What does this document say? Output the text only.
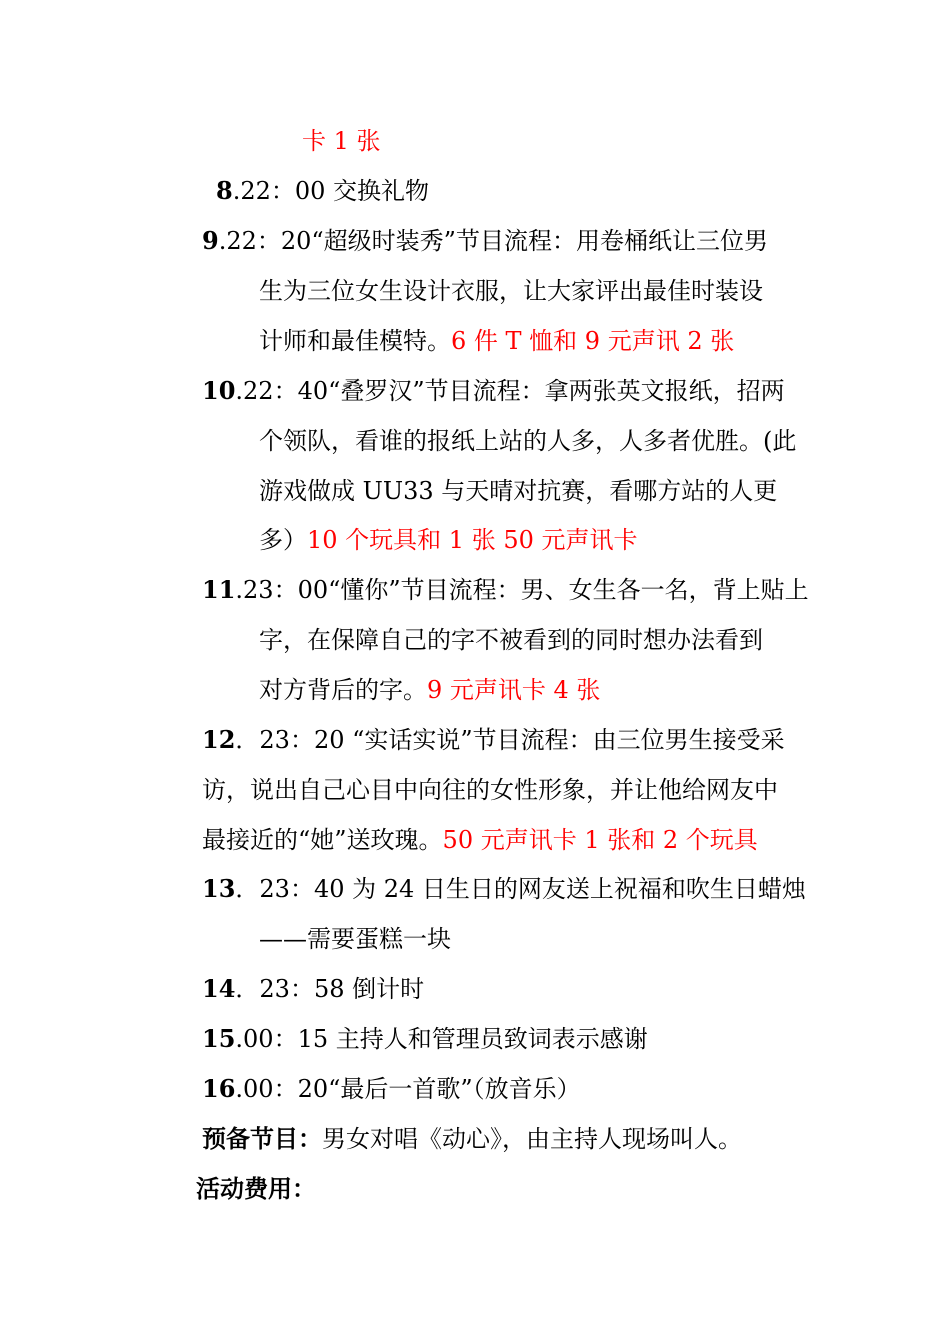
卡 1 张
8.22：00 交换礼物
9.22：20“超级时装秀”节目流程：用卷桶纸让三位男
生为三位女生设计衣服，让大家评出最佳时装设
计师和最佳模特。6 件 T 恤和 9 元声讯 2 张
10.22：40“叠罗汉”节目流程：拿两张英文报纸，招两
个领队，看谁的报纸上站的人多，人多者优胜。(此
游戏做成 UU33 与天晴对抗赛，看哪方站的人更
多）10 个玩具和 1 张 50 元声讯卡
11.23：00“懂你”节目流程：男、女生各一名，背上贴上
字，在保障自己的字不被看到的同时想办法看到
对方背后的字。9 元声讯卡 4 张
12．23：20 “实话实说”节目流程：由三位男生接受采
访，说出自己心目中向往的女性形象，并让他给网友中
最接近的“她”送玫瑰。50 元声讯卡 1 张和 2 个玩具
13．23：40 为 24 日生日的网友送上祝福和吹生日蜡烛
——需要蛋糕一块
14．23：58 倒计时
15.00：15 主持人和管理员致词表示感谢
16.00：20“最后一首歌”（放音乐）
预备节目：男女对唱《动心》，由主持人现场叫人。
活动费用：
